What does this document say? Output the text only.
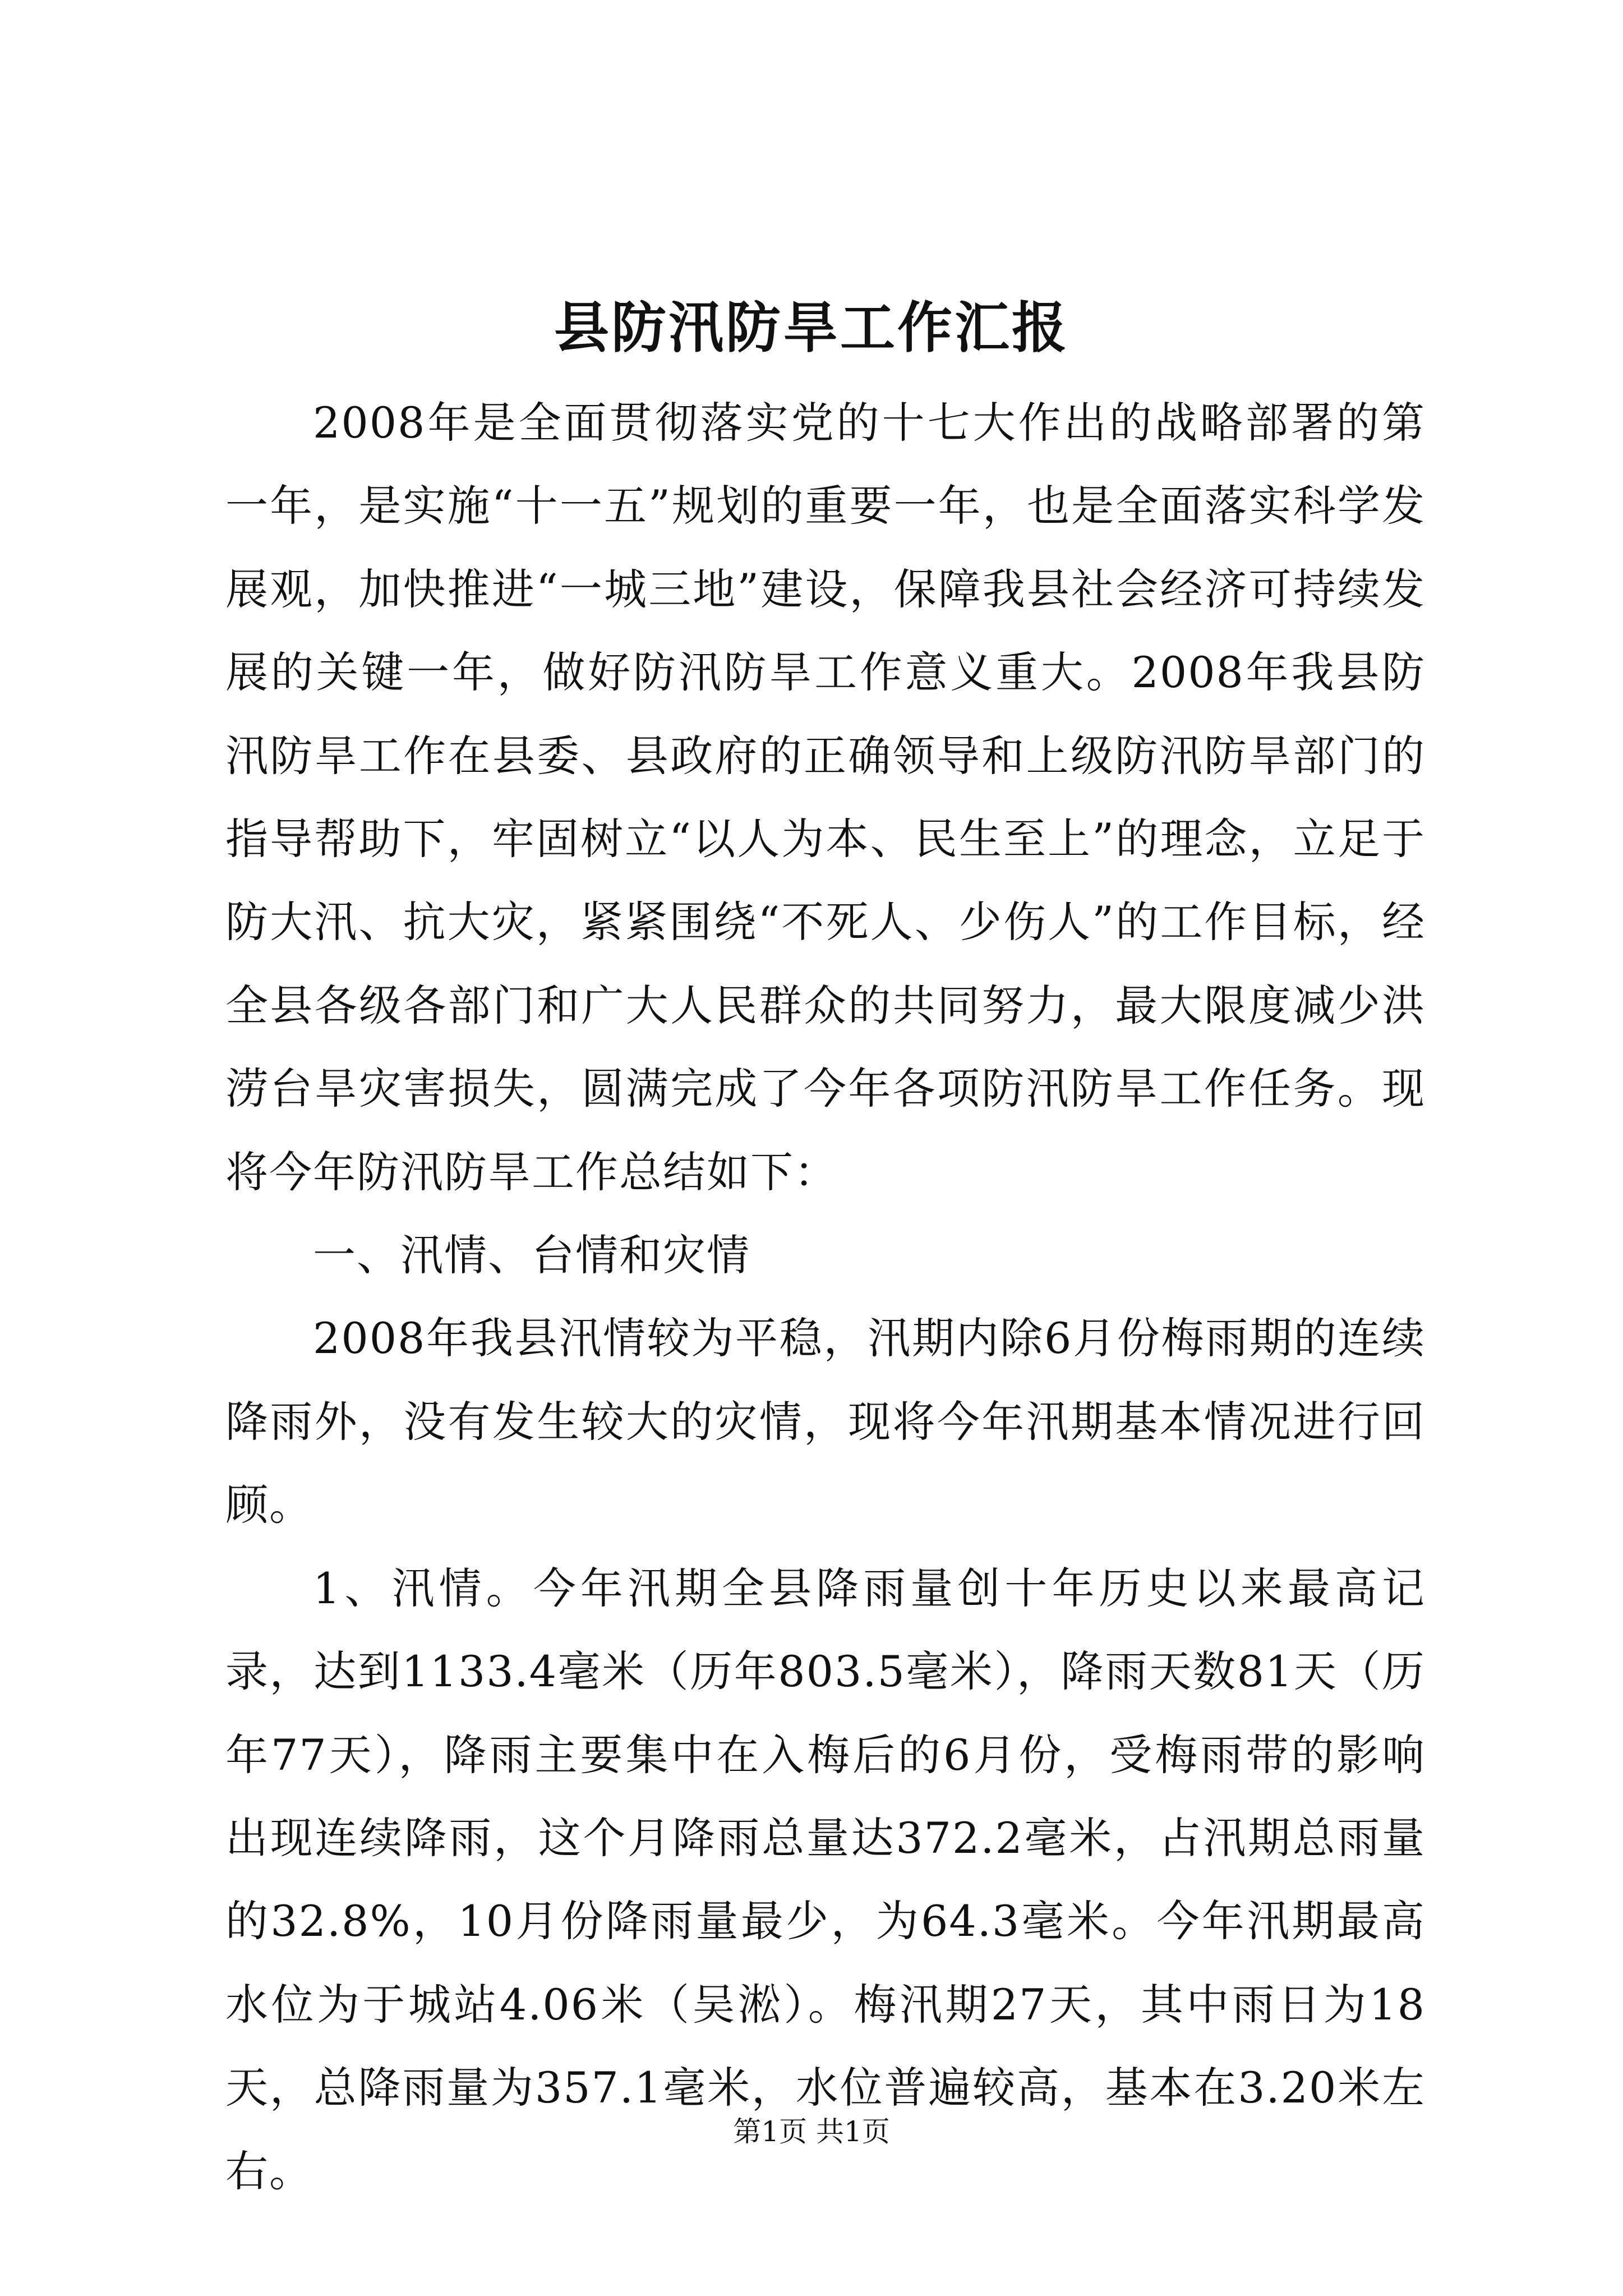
县防汛防旱工作汇报

2008年是全面贯彻落实党的十七大作出的战略部署的第一年，是实施“十一五”规划的重要一年，也是全面落实科学发展观，加快推进“一城三地”建设，保障我县社会经济可持续发展的关键一年，做好防汛防旱工作意义重大。2008年我县防汛防旱工作在县委、县政府的正确领导和上级防汛防旱部门的指导帮助下，牢固树立“以人为本、民生至上”的理念，立足于防大汛、抗大灾，紧紧围绕“不死人、少伤人”的工作目标，经全县各级各部门和广大人民群众的共同努力，最大限度减少洪涝台旱灾害损失，圆满完成了今年各项防汛防旱工作任务。现将今年防汛防旱工作总结如下：

一、汛情、台情和灾情

2008年我县汛情较为平稳，汛期内除6月份梅雨期的连续降雨外，没有发生较大的灾情，现将今年汛期基本情况进行回顾。

1、汛情。今年汛期全县降雨量创十年历史以来最高记录，达到1133.4毫米（历年803.5毫米），降雨天数81天（历年77天），降雨主要集中在入梅后的6月份，受梅雨带的影响出现连续降雨，这个月降雨总量达372.2毫米，占汛期总雨量的32.8%，10月份降雨量最少，为64.3毫米。今年汛期最高水位为于城站4.06米（吴淞）。梅汛期27天，其中雨日为18天，总降雨量为357.1毫米，水位普遍较高，基本在3.20米左右。

第1页 共1页
